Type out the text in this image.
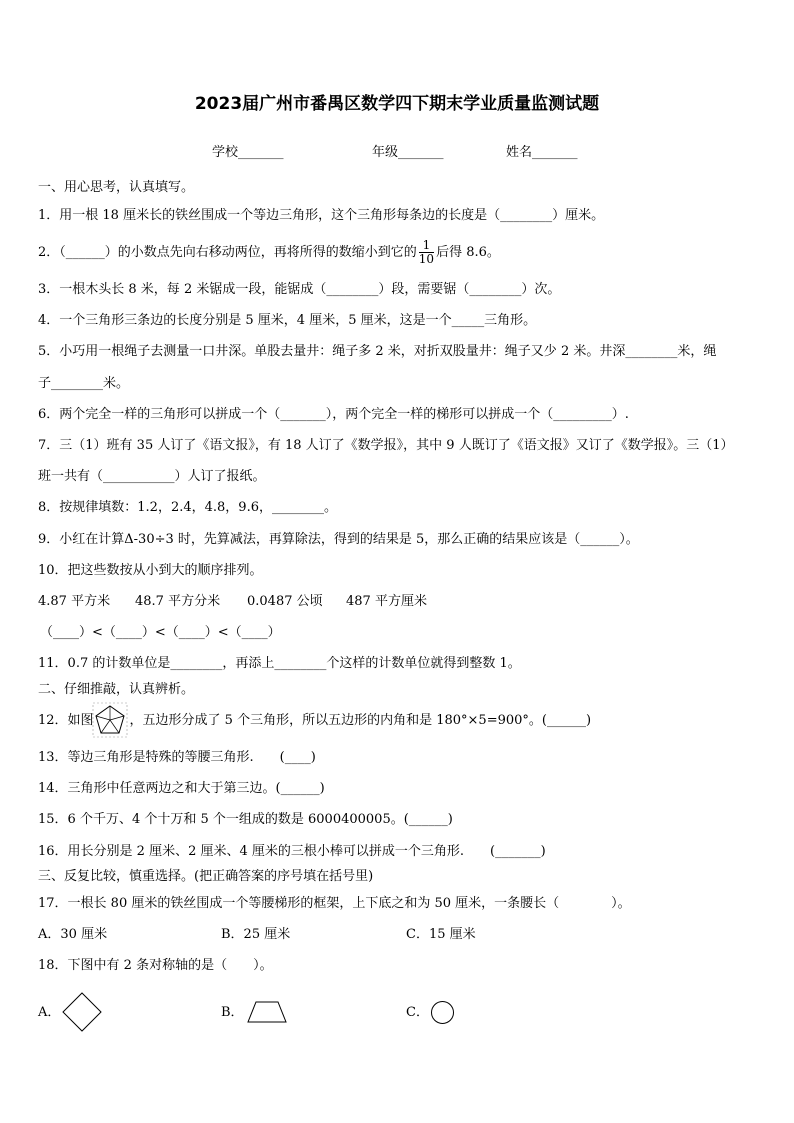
2023届广州市番禺区数学四下期末学业质量监测试题
学校_______	年级_______	姓名_______
一、用心思考，认真填写。
1．用一根 18 厘米长的铁丝围成一个等边三角形，这个三角形每条边的长度是（________）厘米。
2．（______）的小数点先向右移动两位，再将所得的数缩小到它的 $\frac{1}{10}$ 后得 8.6。
3．一根木头长 8 米，每 2 米锯成一段，能锯成（________）段，需要锯（________）次。
4．一个三角形三条边的长度分别是 5 厘米，4 厘米，5 厘米，这是一个_____三角形。
5．小巧用一根绳子去测量一口井深。单股去量井：绳子多 2 米，对折双股量井：绳子又少 2 米。井深________米，绳
子________米。
6．两个完全一样的三角形可以拼成一个（_______），两个完全一样的梯形可以拼成一个（_________）.
7．三（1）班有 35 人订了《语文报》，有 18 人订了《数学报》，其中 9 人既订了《语文报》又订了《数学报》。三（1）
班一共有（___________）人订了报纸。
8．按规律填数：1.2，2.4，4.8，9.6，________。
9．小红在计算Δ-30÷3 时，先算减法，再算除法，得到的结果是 5，那么正确的结果应该是（______）。
10．把这些数按从小到大的顺序排列。
4.87 平方米 48.7 平方分米 0.0487 公顷 487 平方厘米
（____）<（____）<（____）<（____）
11．0.7 的计数单位是________，再添上________个这样的计数单位就得到整数 1。
二、仔细推敲，认真辨析。
12．如图	，五边形分成了 5 个三角形，所以五边形的内角和是 180°×5=900°。(______)
13．等边三角形是特殊的等腰三角形.　　(____)
14．三角形中任意两边之和大于第三边。(______)
15．6 个千万、4 个十万和 5 个一组成的数是 6000400005。(______)
16．用长分别是 2 厘米、2 厘米、4 厘米的三根小棒可以拼成一个三角形.　　(_______)
三、反复比较，慎重选择。(把正确答案的序号填在括号里)
17．一根长 80 厘米的铁丝围成一个等腰梯形的框架，上下底之和为 50 厘米，一条腰长（　　　　）。
A．30 厘米	B．25 厘米	C．15 厘米
18．下图中有 2 条对称轴的是（　　）。
A．	B．	C．
